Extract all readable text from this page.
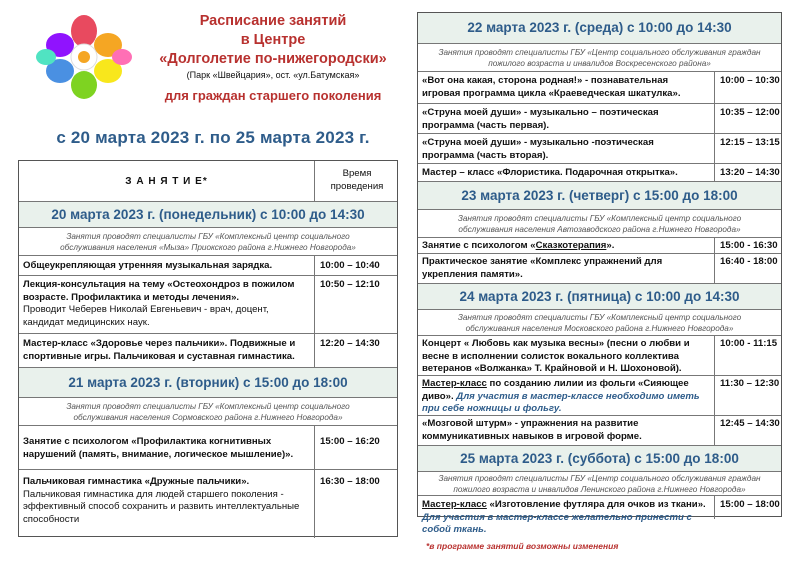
Расписание занятий
в Центре
«Долголетие по-нижегородски»
(Парк «Швейцария», ост. «ул.Батумская»
для граждан старшего поколения
с 20 марта 2023 г. по 25 марта 2023 г.
З А Н Я Т И Е*
Время
проведения
20 марта 2023 г. (понедельник) с 10:00 до 14:30
Занятия проводят специалисты ГБУ «Комплексный центр социального
обслуживания населения «Мыза» Приокского района г.Нижнего Новгорода»
Общеукрепляющая утренняя музыкальная зарядка.	10:00 – 10:40
Лекция-консультация на тему «Остеохондроз в пожилом
возрасте. Профилактика и методы лечения».
Проводит Чеберев Николай Евгеньевич - врач, доцент,
кандидат медицинских наук.
10:50 – 12:10
Мастер-класс «Здоровье через пальчики». Подвижные и
спортивные игры. Пальчиковая и суставная гимнастика.
12:20 – 14:30
21 марта 2023 г. (вторник) с 15:00 до 18:00
Занятия проводят специалисты ГБУ «Комплексный центр социального
обслуживания населения Сормовского района г.Нижнего Новгорода»
Занятие с психологом «Профилактика когнитивных
нарушений (память, внимание, логическое мышление)».
15:00 – 16:20
Пальчиковая гимнастика «Дружные пальчики».
Пальчиковая гимнастика для людей старшего поколения -
эффективный способ сохранить и развить интеллектуальные
способности
16:30 – 18:00
22 марта 2023 г. (среда) с 10:00 до 14:30
Занятия проводят специалисты ГБУ «Центр социального обслуживания граждан
пожилого возраста и инвалидов Воскресенского района»
«Вот она какая, сторона родная!» - познавательная
игровая программа цикла «Краеведческая шкатулка».
10:00 – 10:30
«Струна моей души» - музыкально – поэтическая
программа (часть первая).
10:35 – 12:00
«Струна моей души» - музыкально -поэтическая
программа (часть вторая).
12:15 – 13:15
Мастер – класс «Флористика. Подарочная открытка».	13:20 – 14:30
23 марта 2023 г. (четверг) с 15:00 до 18:00
Занятия проводят специалисты ГБУ «Комплексный центр социального
обслуживания населения Автозаводского района г.Нижнего Новгорода»
Занятие с психологом «Сказкотерапия».	15:00 - 16:30
Практическое занятие «Комплекс упражнений для
укрепления памяти».
16:40 - 18:00
24 марта 2023 г. (пятница) с 10:00 до 14:30
Занятия проводят специалисты ГБУ «Комплексный центр социального
обслуживания населения Московского района г.Нижнего Новгорода»
Концерт « Любовь как музыка весны» (песни о любви и
весне в исполнении солисток вокального коллектива
ветеранов «Волжанка» Т. Крайновой и Н. Шохоновой).
10:00 - 11:15
Мастер-класс по созданию лилии из фольги «Сияющее
диво». Для участия в мастер-классе необходимо иметь
при себе ножницы и фольгу.
11:30 – 12:30
«Мозговой штурм» - упражнения на развитие
коммуникативных навыков в игровой форме.
12:45 – 14:30
25 марта 2023 г. (суббота) с 15:00 до 18:00
Занятия проводят специалисты ГБУ «Центр социального обслуживания граждан
пожилого возраста и инвалидов Ленинского района г.Нижнего Новгорода»
Мастер-класс «Изготовление футляра для очков из ткани».
Для участия в мастер-классе желательно принести с
собой ткань.
15:00 – 18:00
*в программе занятий возможны изменения
